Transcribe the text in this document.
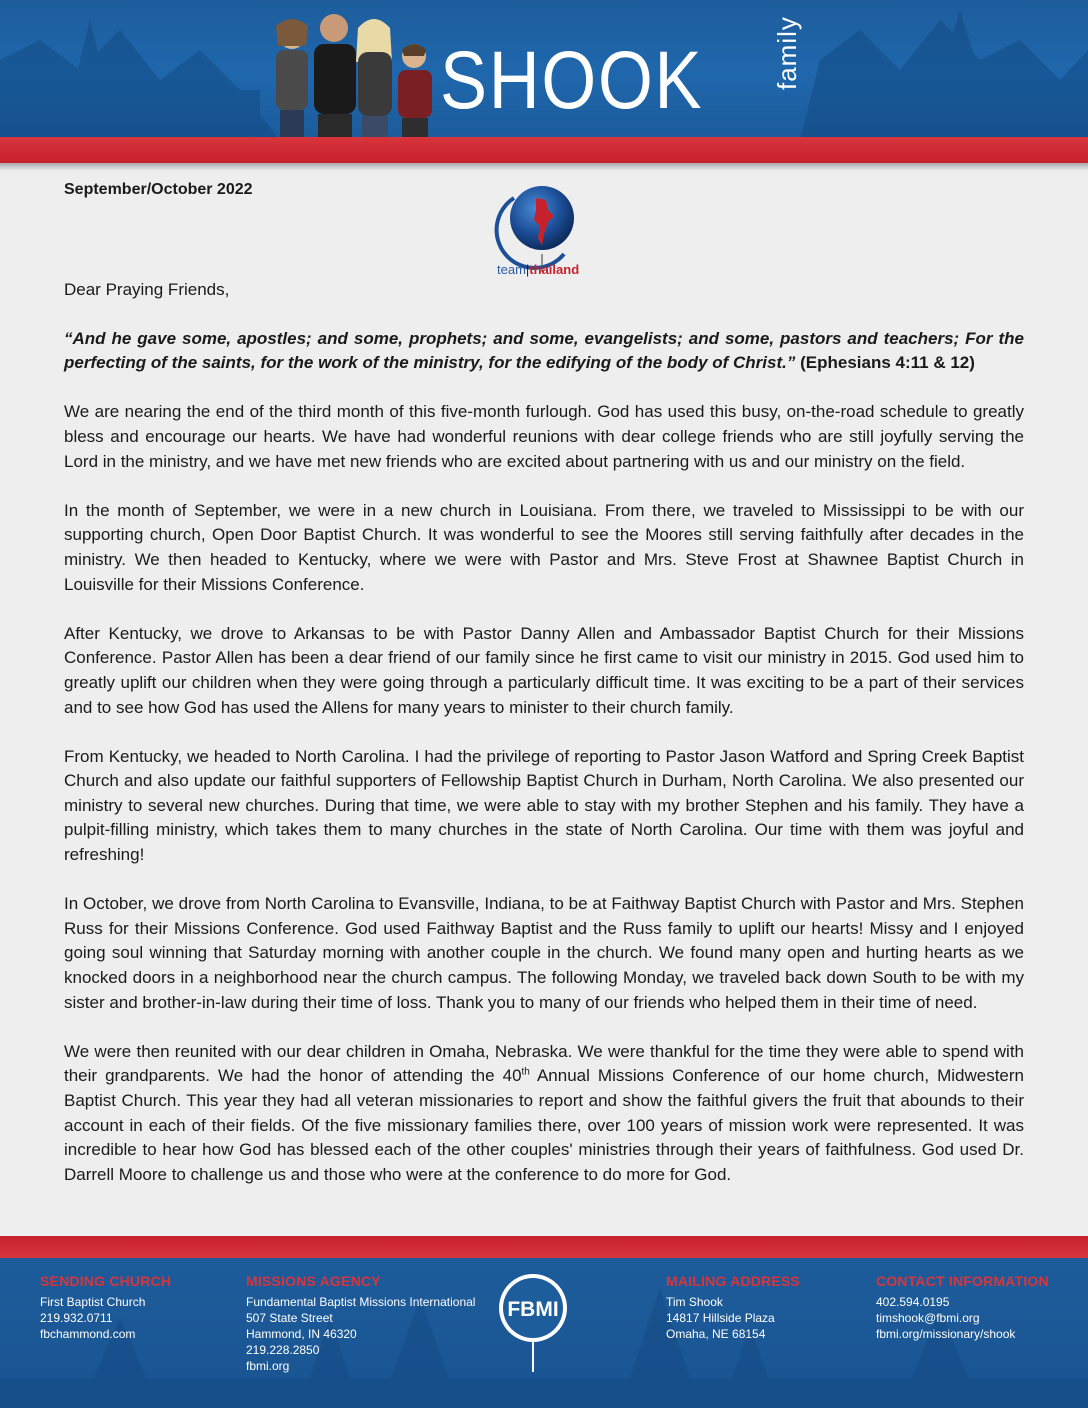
SHOOK	family
team|thailand
September/October 2022

Dear Praying Friends,

“And he gave some, apostles; and some, prophets; and some, evangelists; and some, pastors and teachers; For the perfecting of the saints, for the work of the ministry, for the edifying of the body of Christ.” (Ephesians 4:11 & 12)

We are nearing the end of the third month of this five-month furlough. God has used this busy, on-the-road schedule to greatly bless and encourage our hearts. We have had wonderful reunions with dear college friends who are still joyfully serving the Lord in the ministry, and we have met new friends who are excited about partnering with us and our ministry on the field.

In the month of September, we were in a new church in Louisiana. From there, we traveled to Mississippi to be with our supporting church, Open Door Baptist Church. It was wonderful to see the Moores still serving faithfully after decades in the ministry. We then headed to Kentucky, where we were with Pastor and Mrs. Steve Frost at Shawnee Baptist Church in Louisville for their Missions Conference.

After Kentucky, we drove to Arkansas to be with Pastor Danny Allen and Ambassador Baptist Church for their Missions Conference. Pastor Allen has been a dear friend of our family since he first came to visit our ministry in 2015. God used him to greatly uplift our children when they were going through a particularly difficult time. It was exciting to be a part of their services and to see how God has used the Allens for many years to minister to their church family.

From Kentucky, we headed to North Carolina. I had the privilege of reporting to Pastor Jason Watford and Spring Creek Baptist Church and also update our faithful supporters of Fellowship Baptist Church in Durham, North Carolina. We also presented our ministry to several new churches. During that time, we were able to stay with my brother Stephen and his family. They have a pulpit-filling ministry, which takes them to many churches in the state of North Carolina. Our time with them was joyful and refreshing!

In October, we drove from North Carolina to Evansville, Indiana, to be at Faithway Baptist Church with Pastor and Mrs. Stephen Russ for their Missions Conference. God used Faithway Baptist and the Russ family to uplift our hearts! Missy and I enjoyed going soul winning that Saturday morning with another couple in the church. We found many open and hurting hearts as we knocked doors in a neighborhood near the church campus. The following Monday, we traveled back down South to be with my sister and brother-in-law during their time of loss. Thank you to many of our friends who helped them in their time of need.

We were then reunited with our dear children in Omaha, Nebraska. We were thankful for the time they were able to spend with their grandparents. We had the honor of attending the 40th Annual Missions Conference of our home church, Midwestern Baptist Church. This year they had all veteran missionaries to report and show the faithful givers the fruit that abounds to their account in each of their fields. Of the five missionary families there, over 100 years of mission work were represented. It was incredible to hear how God has blessed each of the other couples' ministries through their years of faithfulness. God used Dr. Darrell Moore to challenge us and those who were at the conference to do more for God.

SENDING CHURCH
First Baptist Church
219.932.0711
fbchammond.com
MISSIONS AGENCY
Fundamental Baptist Missions International
507 State Street
Hammond, IN 46320
219.228.2850
fbmi.org
FBMI
MAILING ADDRESS
Tim Shook
14817 Hillside Plaza
Omaha, NE 68154
CONTACT INFORMATION
402.594.0195
timshook@fbmi.org
fbmi.org/missionary/shook
